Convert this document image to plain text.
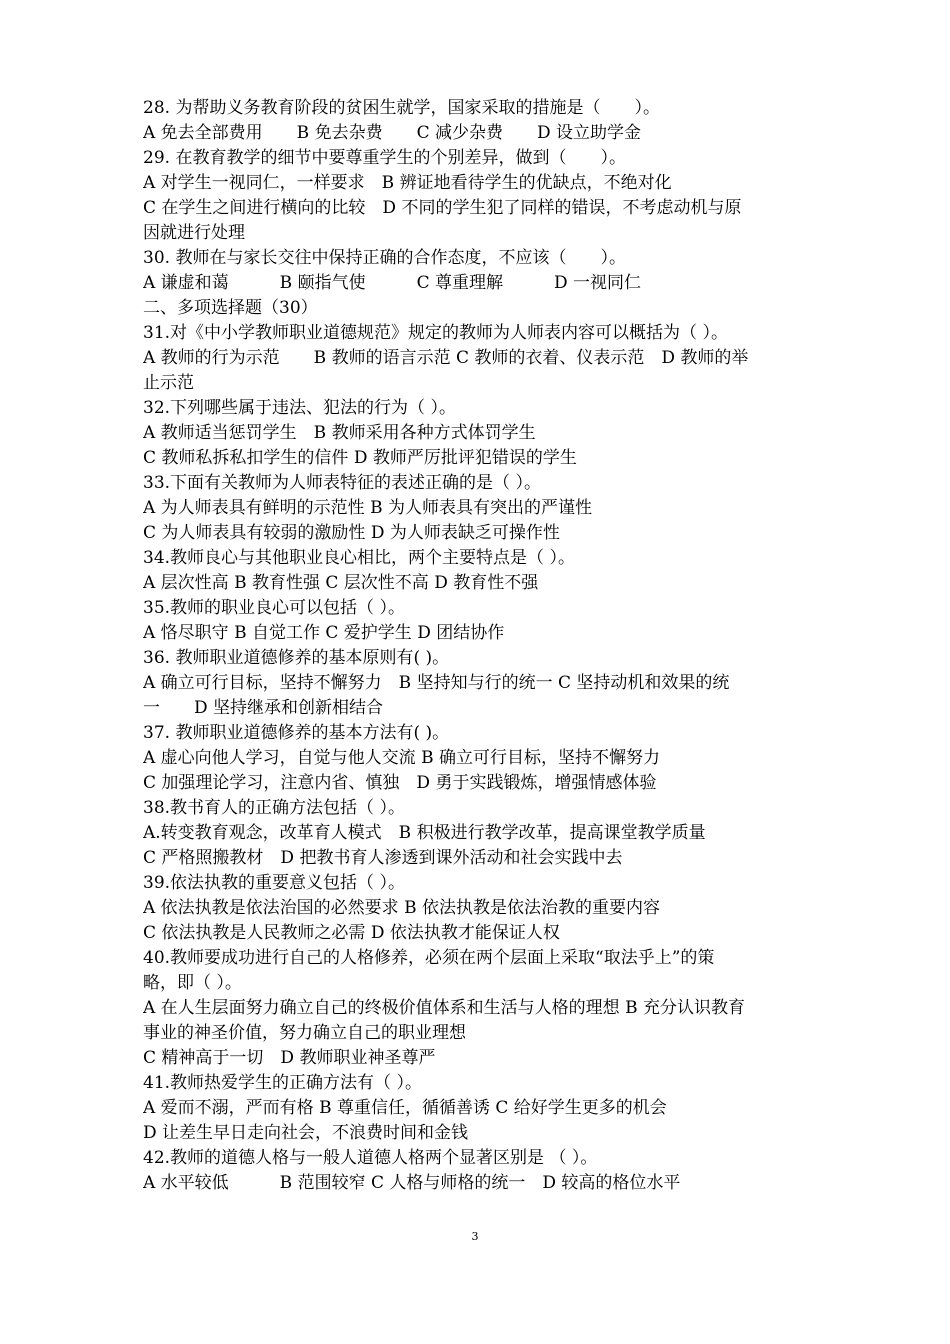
28. 为帮助义务教育阶段的贫困生就学，国家采取的措施是（　　）。
A 免去全部费用　　B 免去杂费　　C 减少杂费　　D 设立助学金
29. 在教育教学的细节中要尊重学生的个别差异，做到（　　）。
A 对学生一视同仁，一样要求　B 辨证地看待学生的优缺点，不绝对化
C 在学生之间进行横向的比较　D 不同的学生犯了同样的错误，不考虑动机与原
因就进行处理
30. 教师在与家长交往中保持正确的合作态度，不应该（　　）。
A 谦虚和蔼　　　B 颐指气使　　　C 尊重理解　　　D 一视同仁
二、多项选择题（30）
31.对《中小学教师职业道德规范》规定的教师为人师表内容可以概括为（ ）。
A 教师的行为示范　　B 教师的语言示范 C 教师的衣着、仪表示范　D 教师的举
止示范
32.下列哪些属于违法、犯法的行为（ ）。
A 教师适当惩罚学生　B 教师采用各种方式体罚学生
C 教师私拆私扣学生的信件 D 教师严厉批评犯错误的学生
33.下面有关教师为人师表特征的表述正确的是（ ）。
A 为人师表具有鲜明的示范性 B 为人师表具有突出的严谨性
C 为人师表具有较弱的激励性 D 为人师表缺乏可操作性
34.教师良心与其他职业良心相比，两个主要特点是（ ）。
A 层次性高 B 教育性强 C 层次性不高 D 教育性不强
35.教师的职业良心可以包括（ ）。
A 恪尽职守 B 自觉工作 C 爱护学生 D 团结协作
36. 教师职业道德修养的基本原则有( )。
A 确立可行目标，坚持不懈努力　B 坚持知与行的统一 C 坚持动机和效果的统
一　　D 坚持继承和创新相结合
37. 教师职业道德修养的基本方法有( )。
A 虚心向他人学习，自觉与他人交流 B 确立可行目标，坚持不懈努力
C 加强理论学习，注意内省、慎独　D 勇于实践锻炼，增强情感体验
38.教书育人的正确方法包括（ ）。
A.转变教育观念，改革育人模式　B 积极进行教学改革，提高课堂教学质量
C 严格照搬教材　D 把教书育人渗透到课外活动和社会实践中去
39.依法执教的重要意义包括（ ）。
A 依法执教是依法治国的必然要求 B 依法执教是依法治教的重要内容
C 依法执教是人民教师之必需 D 依法执教才能保证人权
40.教师要成功进行自己的人格修养，必须在两个层面上采取“取法乎上”的策
略，即（ ）。
A 在人生层面努力确立自己的终极价值体系和生活与人格的理想 B 充分认识教育
事业的神圣价值，努力确立自己的职业理想
C 精神高于一切　D 教师职业神圣尊严
41.教师热爱学生的正确方法有（ ）。
A 爱而不溺，严而有格 B 尊重信任，循循善诱 C 给好学生更多的机会
D 让差生早日走向社会，不浪费时间和金钱
42.教师的道德人格与一般人道德人格两个显著区别是 （ ）。
A 水平较低　　　B 范围较窄 C 人格与师格的统一　D 较高的格位水平
3
